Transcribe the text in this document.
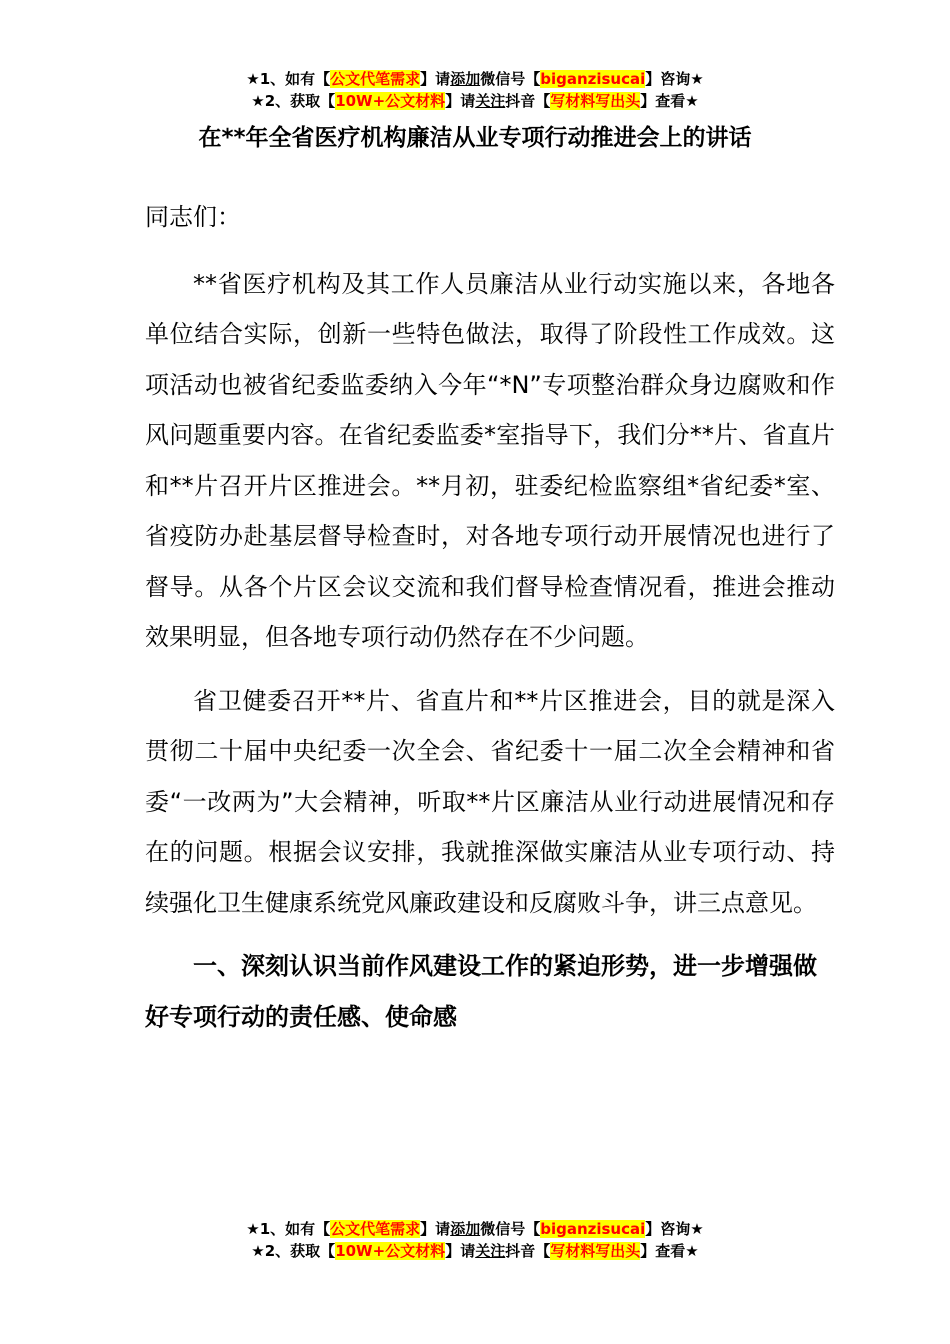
★1、如有【公文代笔需求】请添加微信号【biganzisucai】咨询★
★2、获取【10W+公文材料】请关注抖音【写材料写出头】查看★
在**年全省医疗机构廉洁从业专项行动推进会上的讲话

同志们：

**省医疗机构及其工作人员廉洁从业行动实施以来，各地各单位结合实际，创新一些特色做法，取得了阶段性工作成效。这项活动也被省纪委监委纳入今年“*N”专项整治群众身边腐败和作风问题重要内容。在省纪委监委*室指导下，我们分**片、省直片和**片召开片区推进会。**月初，驻委纪检监察组*省纪委*室、省疫防办赴基层督导检查时，对各地专项行动开展情况也进行了督导。从各个片区会议交流和我们督导检查情况看，推进会推动效果明显，但各地专项行动仍然存在不少问题。

省卫健委召开**片、省直片和**片区推进会，目的就是深入贯彻二十届中央纪委一次全会、省纪委十一届二次全会精神和省委“一改两为”大会精神，听取**片区廉洁从业行动进展情况和存在的问题。根据会议安排，我就推深做实廉洁从业专项行动、持续强化卫生健康系统党风廉政建设和反腐败斗争，讲三点意见。

一、深刻认识当前作风建设工作的紧迫形势，进一步增强做好专项行动的责任感、使命感

★1、如有【公文代笔需求】请添加微信号【biganzisucai】咨询★
★2、获取【10W+公文材料】请关注抖音【写材料写出头】查看★
